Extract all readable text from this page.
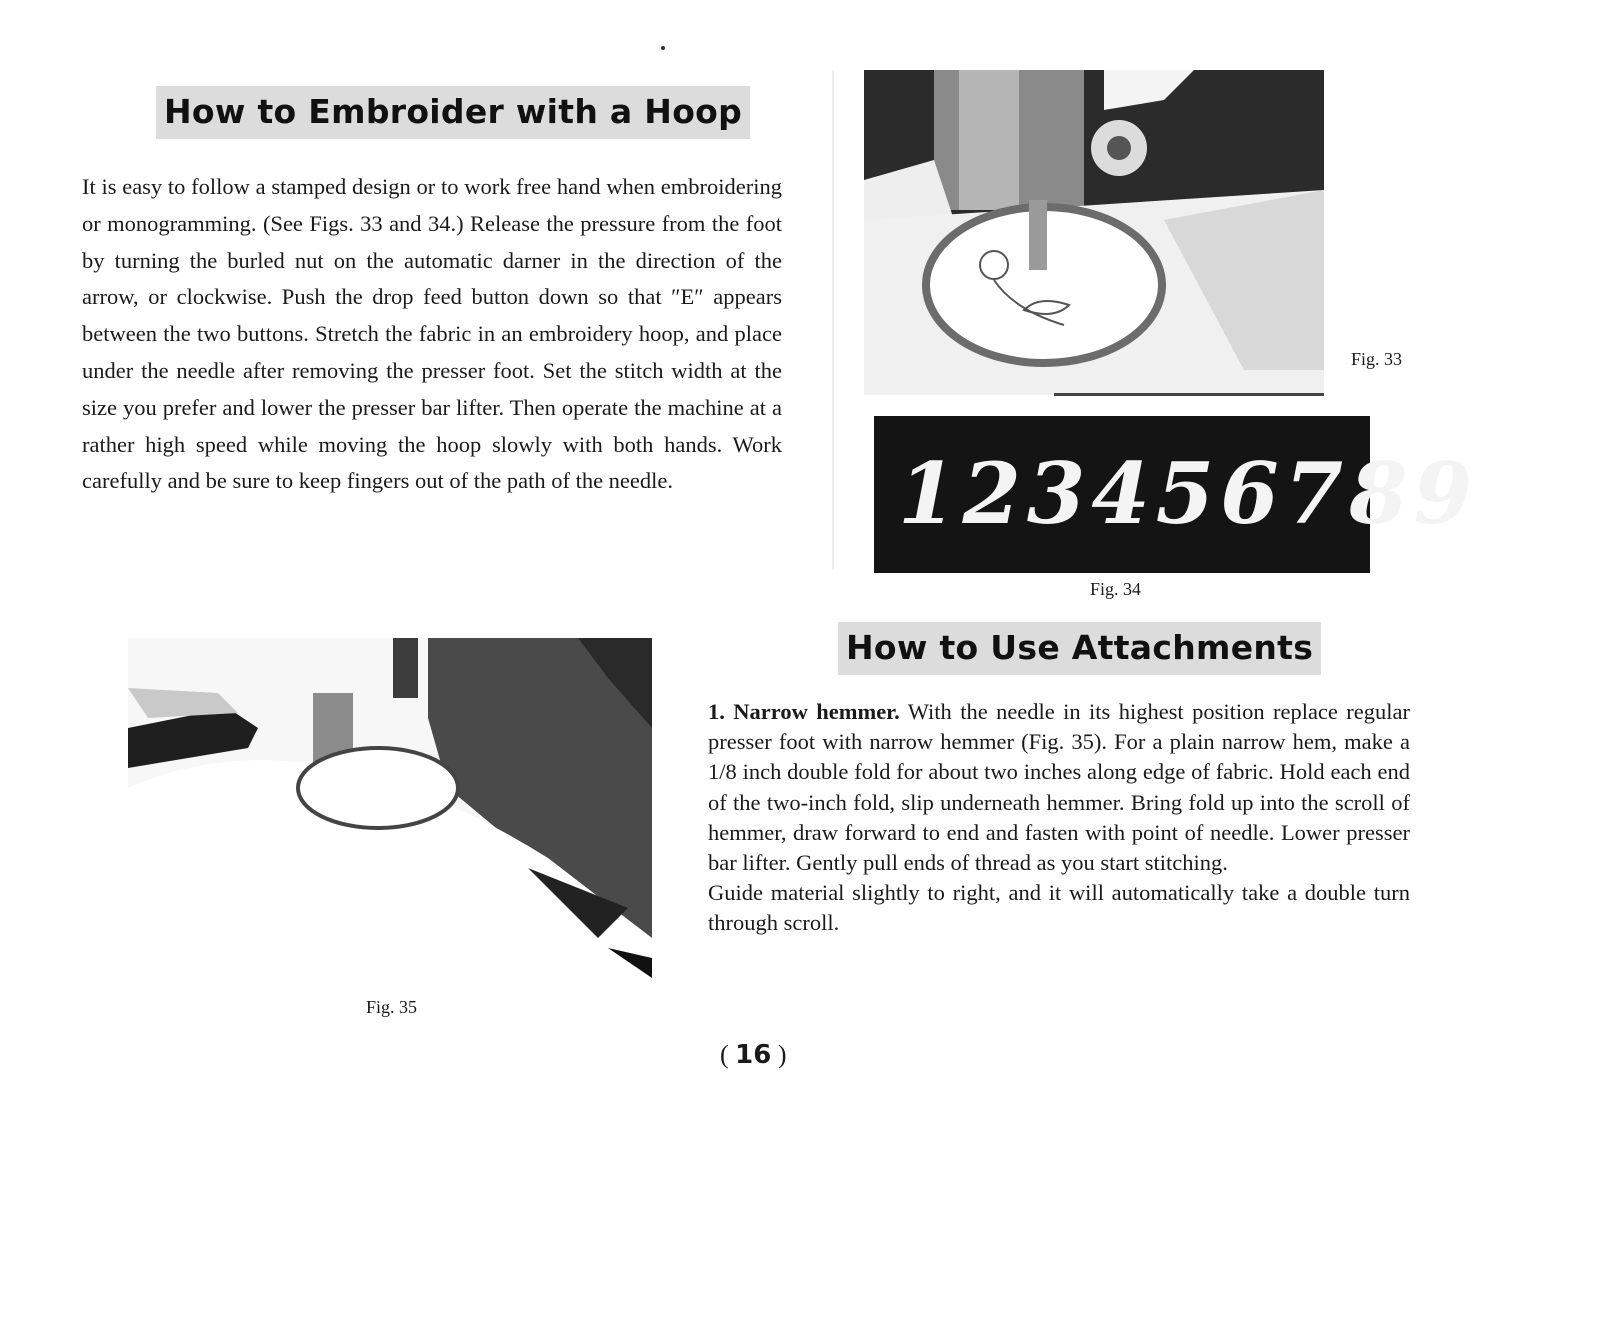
How to Embroider with a Hoop

It is easy to follow a stamped design or to work free hand when embroidering or monogramming. (See Figs. 33 and 34.) Release the pressure from the foot by turning the burled nut on the automatic darner in the direction of the arrow, or clockwise. Push the drop feed button down so that ″E″ appears between the two buttons. Stretch the fabric in an embroidery hoop, and place under the needle after removing the presser foot. Set the stitch width at the size you prefer and lower the presser bar lifter. Then operate the machine at a rather high speed while moving the hoop slowly with both hands. Work carefully and be sure to keep fingers out of the path of the needle.

Fig. 33
123456789
Fig. 34
Fig. 35
How to Use Attachments

1. Narrow hemmer. With the needle in its highest position replace regular presser foot with narrow hemmer (Fig. 35). For a plain narrow hem, make a 1/8 inch double fold for about two inches along edge of fabric. Hold each end of the two-inch fold, slip underneath hemmer. Bring fold up into the scroll of hemmer, draw forward to end and fasten with point of needle. Lower presser bar lifter. Gently pull ends of thread as you start stitching.

Guide material slightly to right, and it will automatically take a double turn through scroll.

( 16 )
